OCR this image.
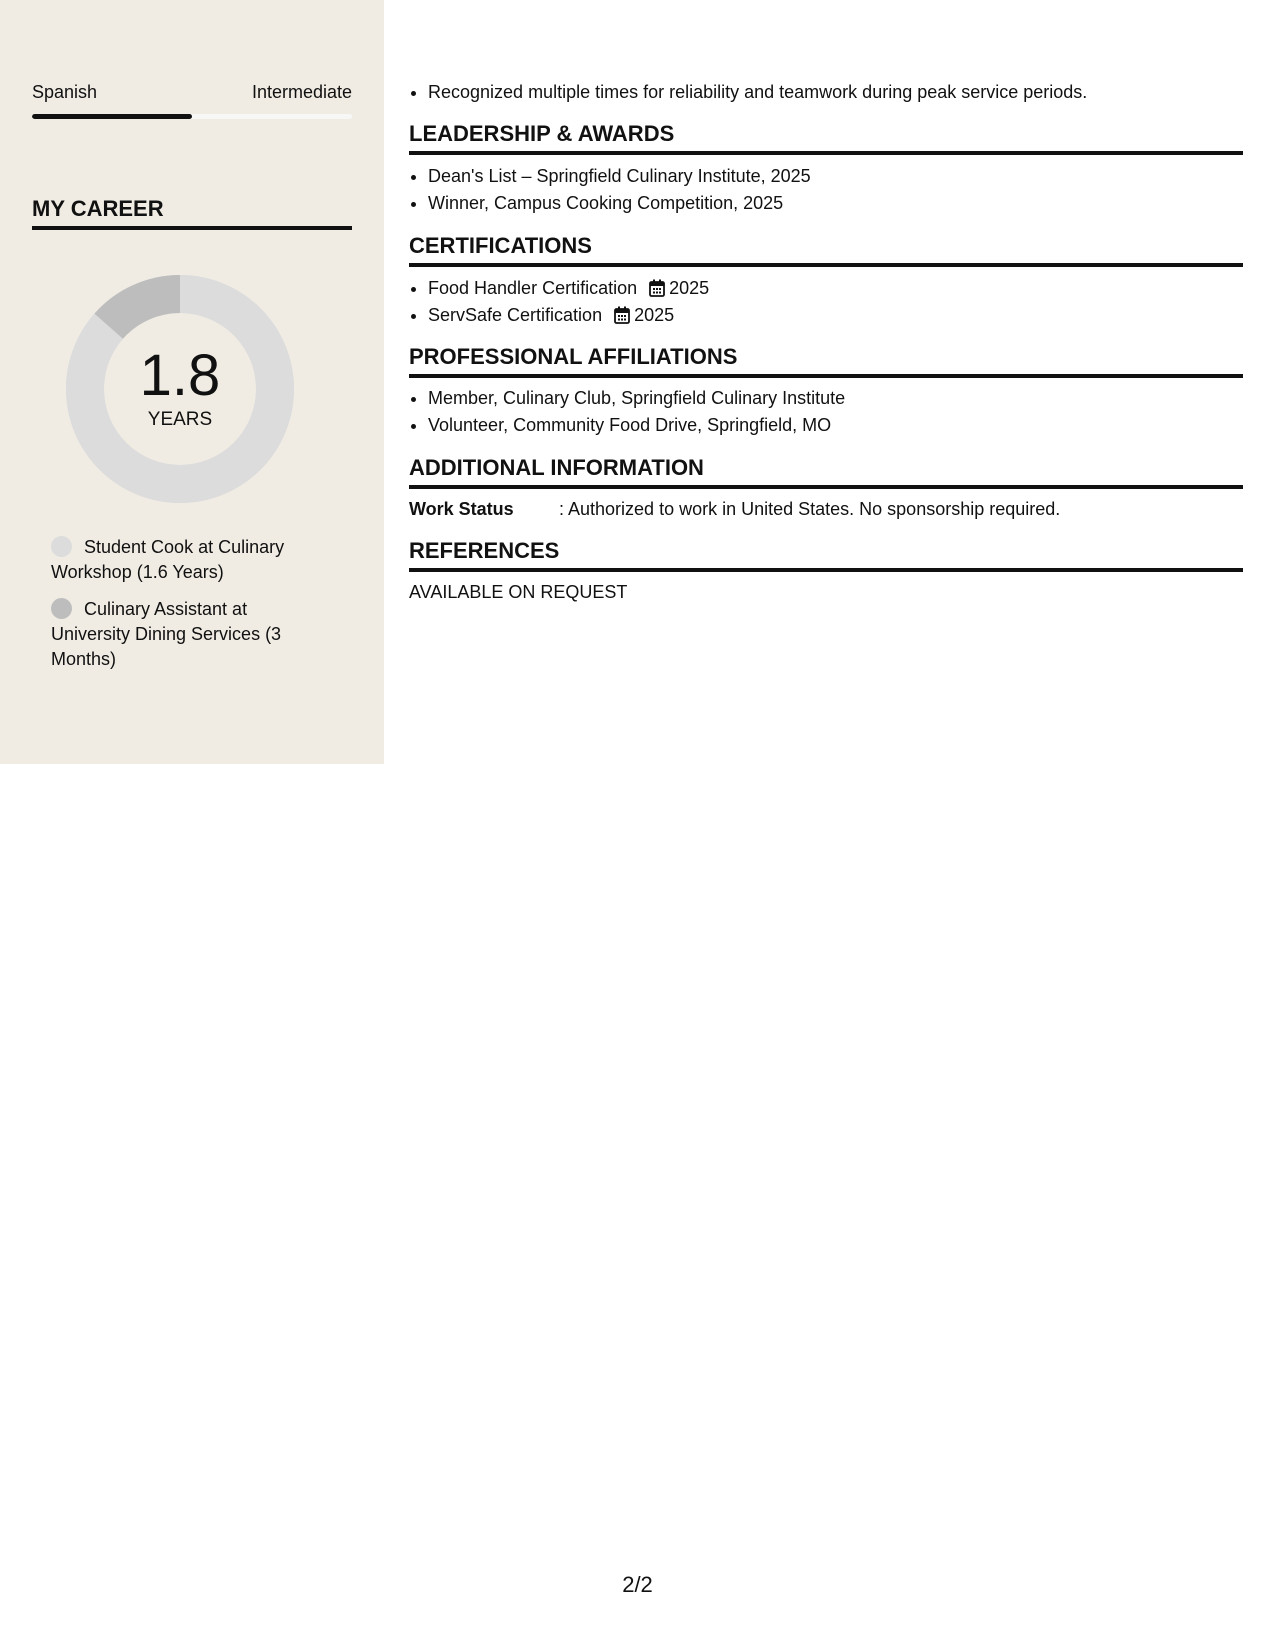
Spanish	Intermediate
MY CAREER
1.8
YEARS
Student Cook at Culinary Workshop (1.6 Years)
Culinary Assistant at University Dining Services (3 Months)
• Recognized multiple times for reliability and teamwork during peak service periods.
LEADERSHIP & AWARDS
• Dean's List – Springfield Culinary Institute, 2025
• Winner, Campus Cooking Competition, 2025
CERTIFICATIONS
• Food Handler Certification 2025
• ServSafe Certification 2025
PROFESSIONAL AFFILIATIONS
• Member, Culinary Club, Springfield Culinary Institute
• Volunteer, Community Food Drive, Springfield, MO
ADDITIONAL INFORMATION
Work Status	: Authorized to work in United States. No sponsorship required.
REFERENCES
AVAILABLE ON REQUEST
2/2
